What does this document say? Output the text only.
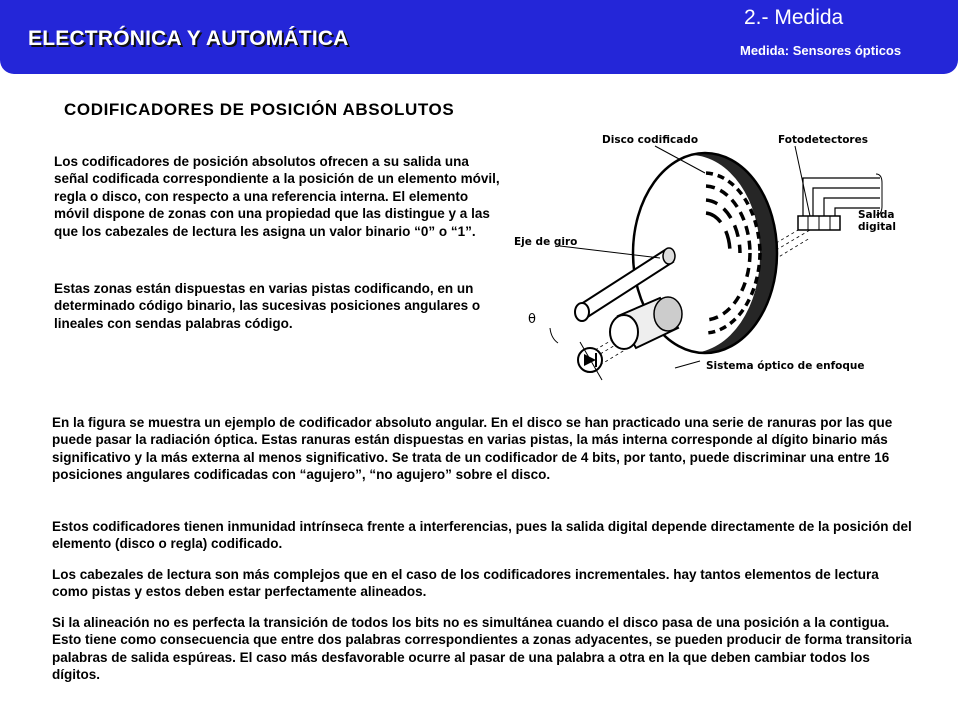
ELECTRÓNICA Y AUTOMÁTICA
2.- Medida
Medida: Sensores ópticos
CODIFICADORES DE POSICIÓN ABSOLUTOS

Los codificadores de posición absolutos ofrecen a su salida una señal codificada correspondiente a la posición de un elemento móvil, regla o disco, con respecto a una referencia interna. El elemento móvil dispone de zonas con una propiedad que las distingue y a las que los cabezales de lectura les asigna un valor binario “0” o “1”.

Estas zonas están dispuestas en varias pistas codificando, en un determinado código binario, las sucesivas posiciones angulares o lineales con sendas palabras código.

Disco codificado	Fotodetectores
Eje de giro
Salida
digital
θ
Sistema óptico de enfoque

En la figura se muestra un ejemplo de codificador absoluto angular. En el disco se han practicado una serie de ranuras por las que puede pasar la radiación óptica. Estas ranuras están dispuestas en varias pistas, la más interna corresponde al dígito binario más significativo y la más externa al menos significativo. Se trata de un codificador de 4 bits, por tanto, puede discriminar una entre 16 posiciones angulares codificadas con “agujero”, “no agujero” sobre el disco.

Estos codificadores tienen inmunidad intrínseca frente a interferencias, pues la salida digital depende directamente de la posición del elemento (disco o regla) codificado.

Los cabezales de lectura son más complejos que en el caso de los codificadores incrementales. hay tantos elementos de lectura como pistas y estos deben estar perfectamente alineados.

Si la alineación no es perfecta la transición de todos los bits no es simultánea cuando el disco pasa de una posición a la contigua. Esto tiene como consecuencia que entre dos palabras correspondientes a zonas adyacentes, se pueden producir de forma transitoria palabras de salida espúreas. El caso más desfavorable ocurre al pasar de una palabra a otra en la que deben cambiar todos los dígitos.
